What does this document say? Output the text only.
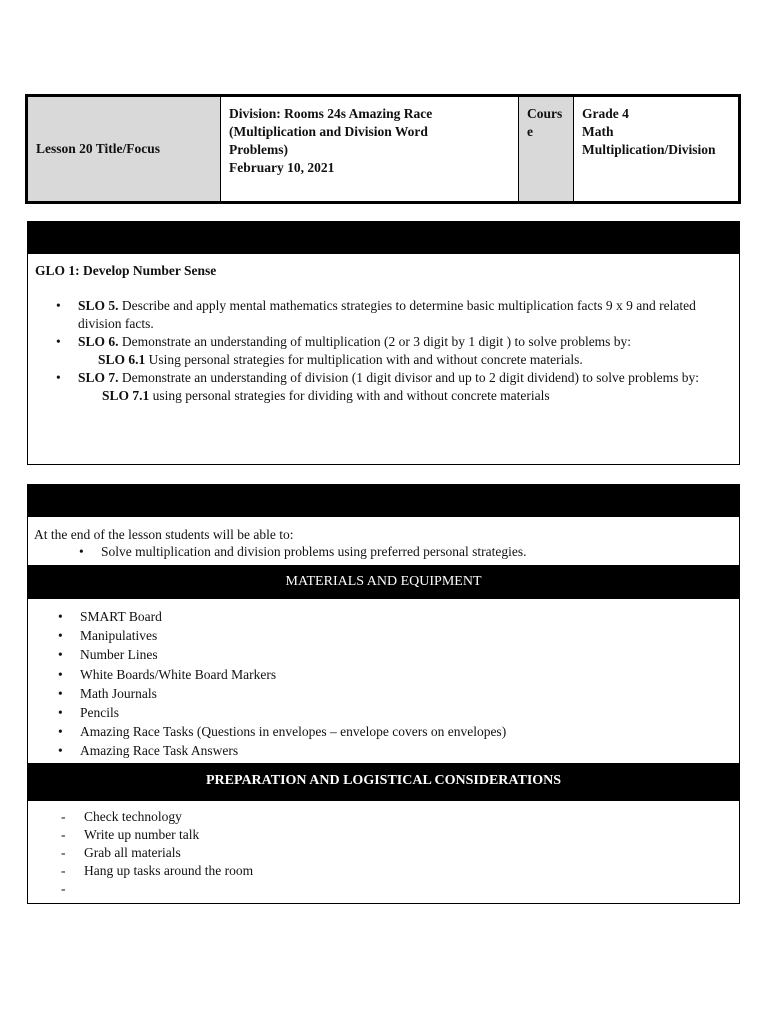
Lesson 20 Title/Focus
Division: Rooms 24s Amazing Race
(Multiplication and Division Word
Problems)
February 10, 2021
Course
Grade 4
Math
Multiplication/Division
GLO 1: Develop Number Sense
• SLO 5. Describe and apply mental mathematics strategies to determine basic multiplication facts 9 x 9 and related division facts.
• SLO 6. Demonstrate an understanding of multiplication (2 or 3 digit by 1 digit ) to solve problems by:
SLO 6.1 Using personal strategies for multiplication with and without concrete materials.
• SLO 7. Demonstrate an understanding of division (1 digit divisor and up to 2 digit dividend) to solve problems by:
SLO 7.1 using personal strategies for dividing with and without concrete materials
At the end of the lesson students will be able to:
• Solve multiplication and division problems using preferred personal strategies.
MATERIALS AND EQUIPMENT
• SMART Board
• Manipulatives
• Number Lines
• White Boards/White Board Markers
• Math Journals
• Pencils
• Amazing Race Tasks (Questions in envelopes – envelope covers on envelopes)
• Amazing Race Task Answers
PREPARATION AND LOGISTICAL CONSIDERATIONS
- Check technology
- Write up number talk
- Grab all materials
- Hang up tasks around the room
-
